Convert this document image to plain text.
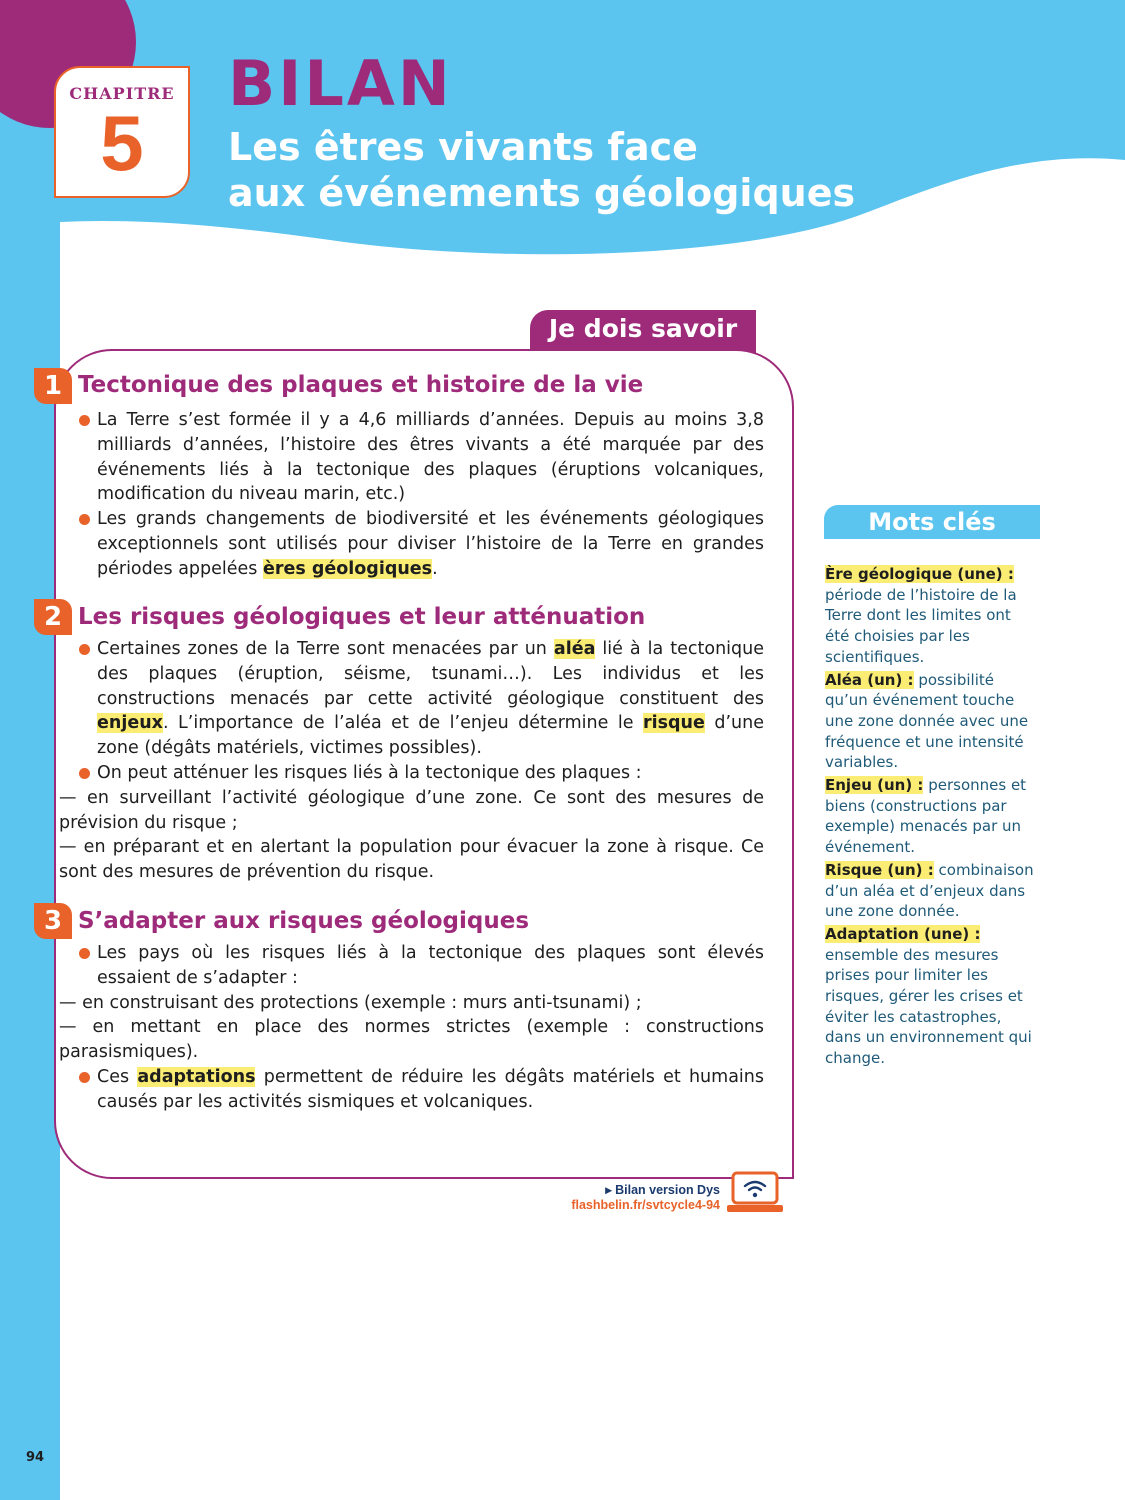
CHAPITRE
5
BILAN
Les êtres vivants face
aux événements géologiques
Je dois savoir
1 Tectonique des plaques et histoire de la vie

La Terre s’est formée il y a 4,6 milliards d’années. Depuis au moins 3,8 milliards d’années, l’histoire des êtres vivants a été marquée par des événements liés à la tectonique des plaques (éruptions volcaniques, modification du niveau marin, etc.)

Les grands changements de biodiversité et les événements géologiques exceptionnels sont utilisés pour diviser l’histoire de la Terre en grandes périodes appelées ères géologiques.

2 Les risques géologiques et leur atténuation

Certaines zones de la Terre sont menacées par un aléa lié à la tectonique des plaques (éruption, séisme, tsunami…). Les individus et les constructions menacés par cette activité géologique constituent des enjeux. L’importance de l’aléa et de l’enjeu détermine le risque d’une zone (dégâts matériels, victimes possibles).

On peut atténuer les risques liés à la tectonique des plaques :

— en surveillant l’activité géologique d’une zone. Ce sont des mesures de prévision du risque ;

— en préparant et en alertant la population pour évacuer la zone à risque. Ce sont des mesures de prévention du risque.

3 S’adapter aux risques géologiques

Les pays où les risques liés à la tectonique des plaques sont élevés essaient de s’adapter :

— en construisant des protections (exemple : murs anti-tsunami) ;

— en mettant en place des normes strictes (exemple : constructions parasismiques).

Ces adaptations permettent de réduire les dégâts matériels et humains causés par les activités sismiques et volcaniques.

▸ Bilan version Dys
flashbelin.fr/svtcycle4-94
Mots clés

Ère géologique (une) : période de l’histoire de la Terre dont les limites ont été choisies par les scientifiques.

Aléa (un) : possibilité qu’un événement touche une zone donnée avec une fréquence et une intensité variables.

Enjeu (un) : personnes et biens (constructions par exemple) menacés par un événement.

Risque (un) : combinaison d’un aléa et d’enjeux dans une zone donnée.

Adaptation (une) : ensemble des mesures prises pour limiter les risques, gérer les crises et éviter les catastrophes, dans un environnement qui change.

94
